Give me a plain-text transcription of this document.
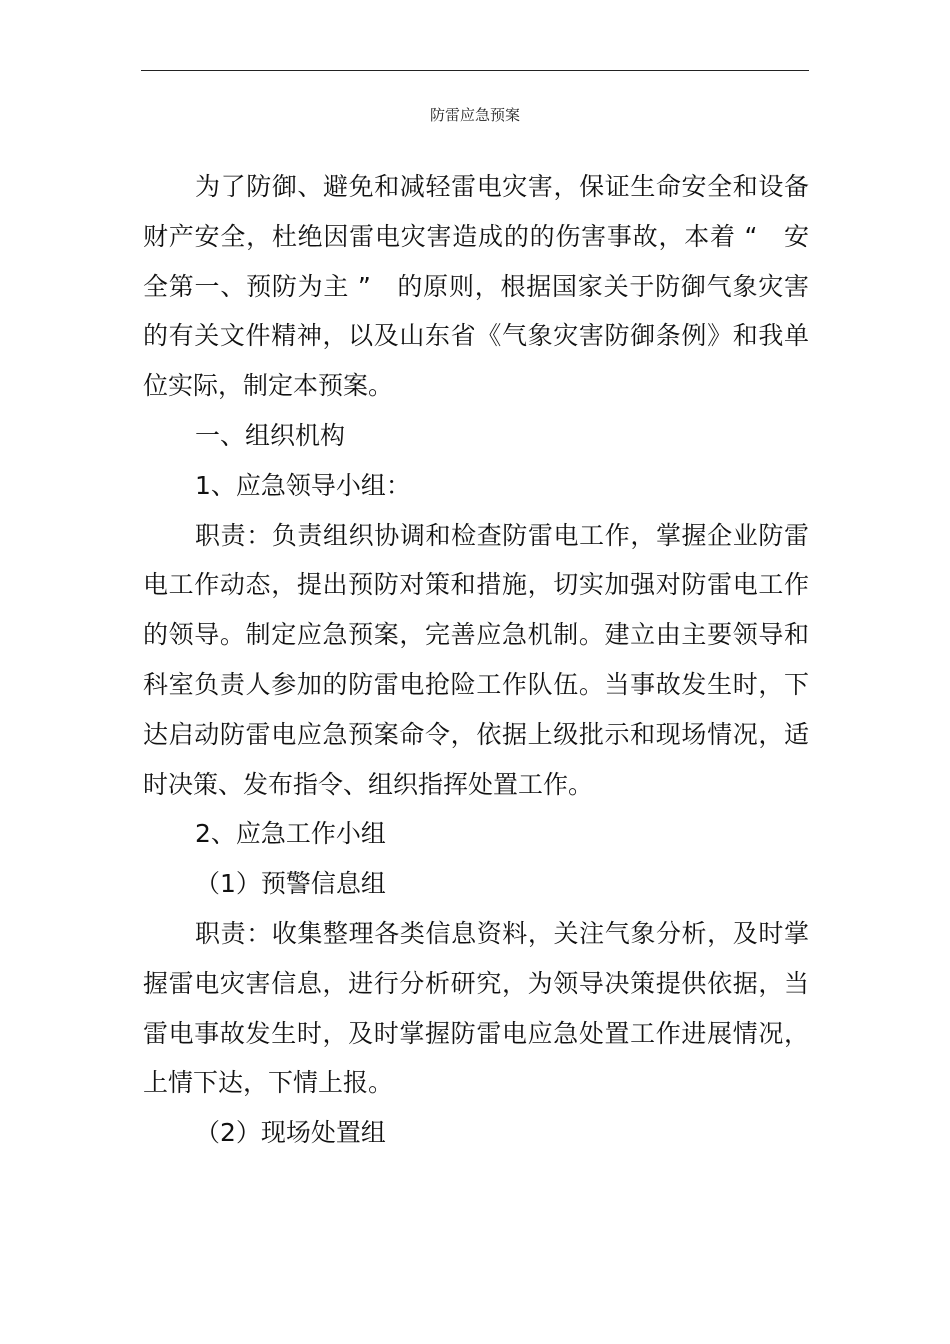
防雷应急预案

为了防御、避免和减轻雷电灾害，保证生命安全和设备财产安全，杜绝因雷电灾害造成的的伤害事故，本着 “　安全第一、预防为主 ”　的原则，根据国家关于防御气象灾害的有关文件精神，以及山东省《气象灾害防御条例》和我单位实际，制定本预案。

一、组织机构

1、应急领导小组：

职责：负责组织协调和检查防雷电工作，掌握企业防雷电工作动态，提出预防对策和措施，切实加强对防雷电工作的领导。制定应急预案，完善应急机制。建立由主要领导和科室负责人参加的防雷电抢险工作队伍。当事故发生时，下达启动防雷电应急预案命令，依据上级批示和现场情况，适时决策、发布指令、组织指挥处置工作。

2、应急工作小组

（1）预警信息组

职责：收集整理各类信息资料，关注气象分析，及时掌握雷电灾害信息，进行分析研究，为领导决策提供依据，当雷电事故发生时，及时掌握防雷电应急处置工作进展情况，上情下达，下情上报。

（2）现场处置组
